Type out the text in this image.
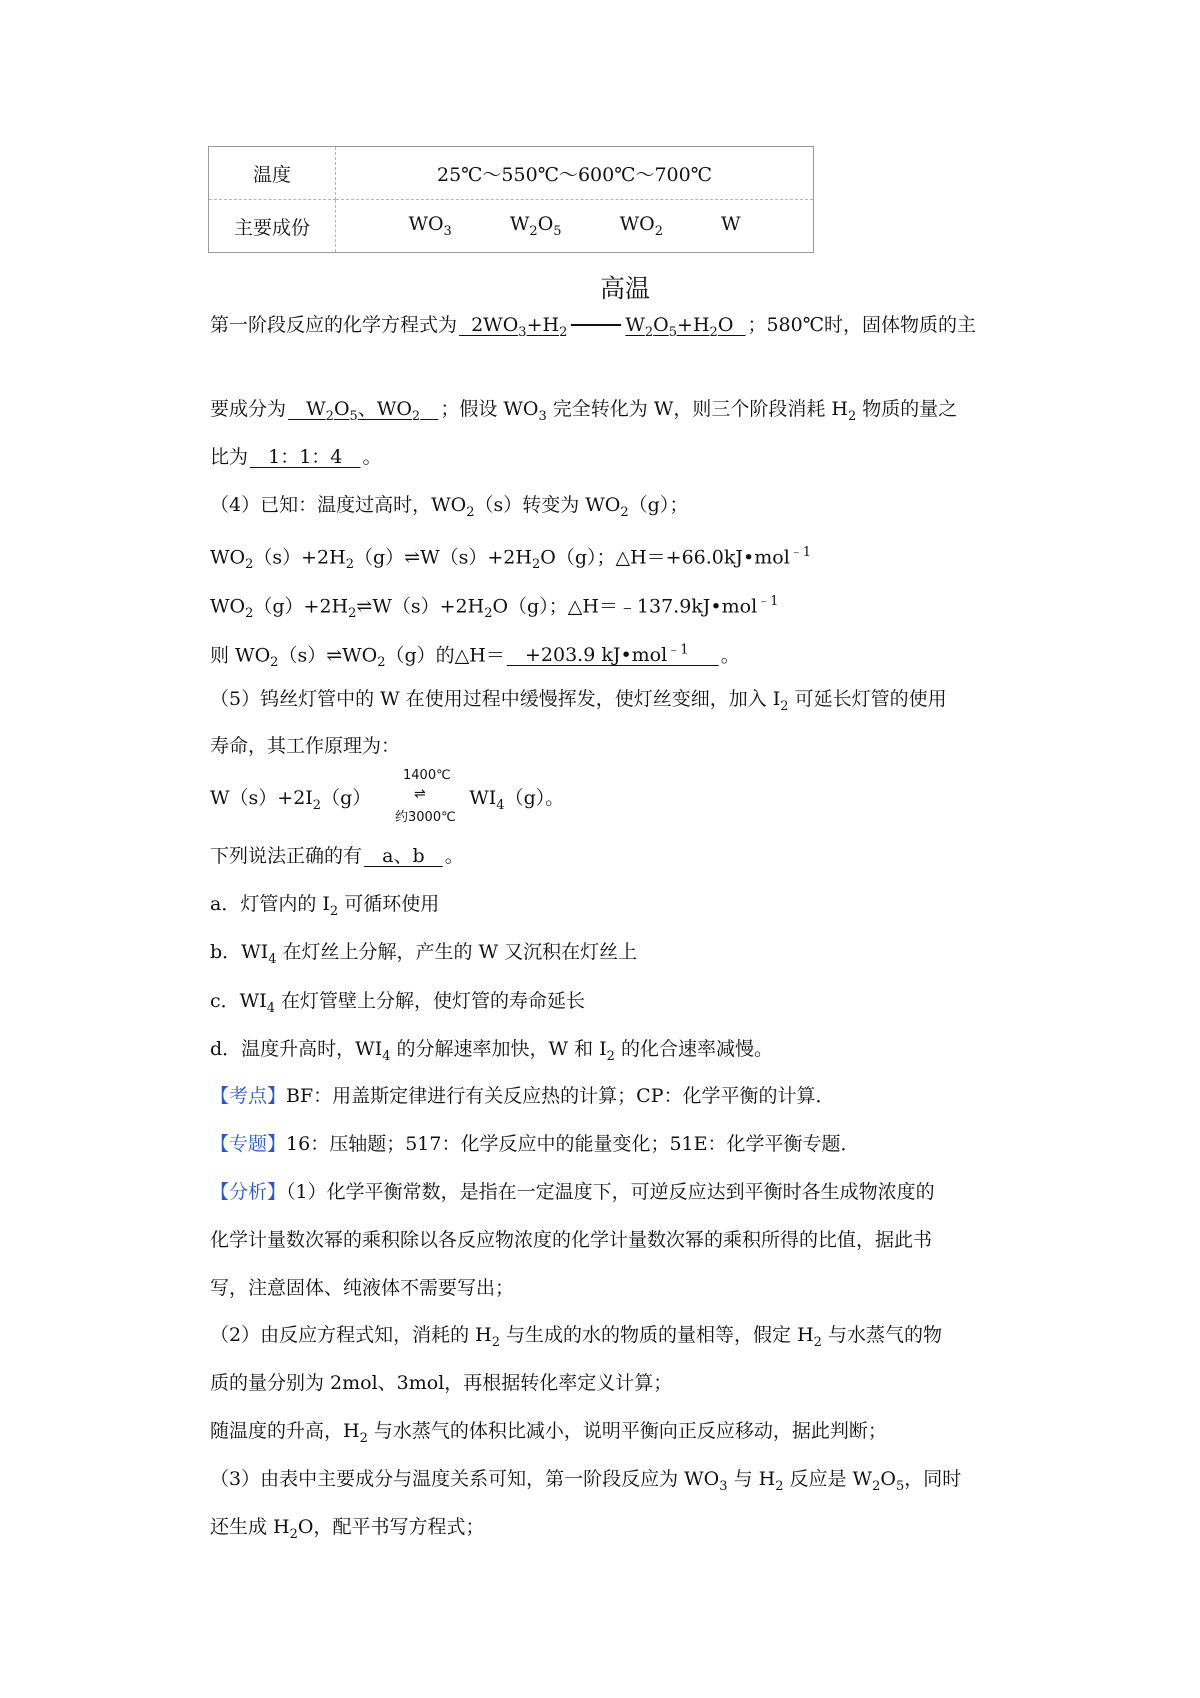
温度	25℃～550℃～600℃～700℃
主要成份	$WO_3$ $W_2O_5$ $WO_2$ W
高温
第一阶段反应的化学方程式为  $2WO_3+H_2$	$W_2O_5+H_2O$  ；580℃时，固体物质的主
要成分为   $W_2O_5$、$WO_2$ ；假设 $WO_3$ 完全转化为 W，则三个阶段消耗 $H_2$ 物质的量之
比为   1：1：4   。
（4）已知：温度过高时，$WO_2(s)$转变为 $WO_2(g)$；
$WO_2(s)+2H_2(g)\rightleftharpoons W(s)+2H_2O(g)$；△H＝+66.0kJ•mol$^{﹣1}$
$WO_2(g)+2H_2\rightleftharpoons W(s)+2H_2O(g)$；△H＝﹣137.9kJ•mol$^{﹣1}$
则 $WO_2(s)\rightleftharpoons WO_2(g)$的△H＝   +203.9 kJ•mol$^{﹣1}$ 。
（5）钨丝灯管中的 W 在使用过程中缓慢挥发，使灯丝变细，加入 $I_2$ 可延长灯管的使用
寿命，其工作原理为：
$W(s)+2I_2(g)$	$WI_4(g)$。
1400℃
⇌
约3000℃
下列说法正确的有   a、b   。
a．灯管内的 $I_2$ 可循环使用
b．$WI_4$ 在灯丝上分解，产生的 W 又沉积在灯丝上
c．$WI_4$ 在灯管壁上分解，使灯管的寿命延长
d．温度升高时，$WI_4$ 的分解速率加快，W 和 $I_2$ 的化合速率减慢。
【考点】BF：用盖斯定律进行有关反应热的计算；CP：化学平衡的计算．
【专题】16：压轴题；517：化学反应中的能量变化；51E：化学平衡专题．
【分析】（1）化学平衡常数，是指在一定温度下，可逆反应达到平衡时各生成物浓度的
化学计量数次幂的乘积除以各反应物浓度的化学计量数次幂的乘积所得的比值，据此书
写，注意固体、纯液体不需要写出；
（2）由反应方程式知，消耗的 $H_2$ 与生成的水的物质的量相等，假定 $H_2$ 与水蒸气的物
质的量分别为 2mol、3mol，再根据转化率定义计算；
随温度的升高，$H_2$ 与水蒸气的体积比减小，说明平衡向正反应移动，据此判断；
（3）由表中主要成分与温度关系可知，第一阶段反应为 $WO_3$ 与 $H_2$ 反应是 $W_2O_5$，同时
还生成 $H_2O$，配平书写方程式；
